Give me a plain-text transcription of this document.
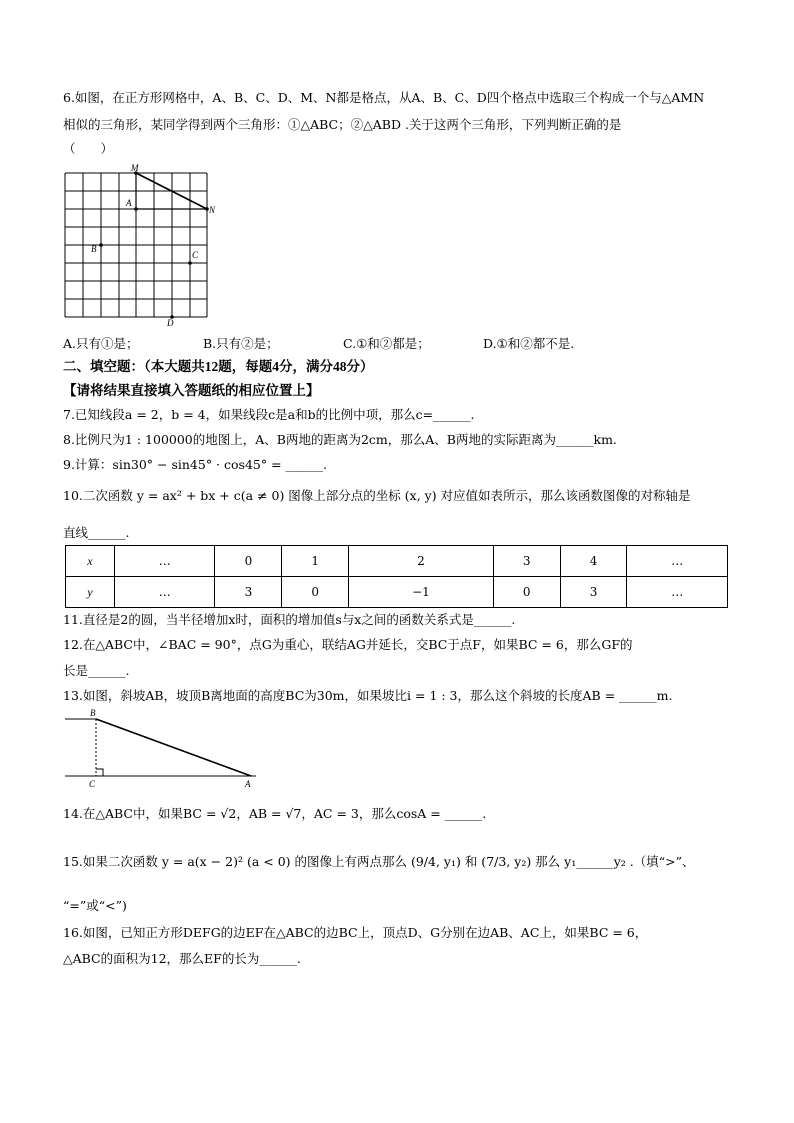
6.如图，在正方形网格中，A、B、C、D、M、N都是格点，从A、B、C、D四个格点中选取三个构成一个与△AMN
相似的三角形，某同学得到两个三角形：①△ABC；②△ABD .关于这两个三角形，下列判断正确的是
（　　）
M
A
N
B
C
D
A.只有①是；	B.只有②是；	C.①和②都是；	D.①和②都不是.
二、填空题：（本大题共12题，每题4分，满分48分）
【请将结果直接填入答题纸的相应位置上】
7.已知线段a = 2，b = 4，如果线段c是a和b的比例中项，那么c=______.
8.比例尺为1 : 100000的地图上，A、B两地的距离为2cm，那么A、B两地的实际距离为______km.
9.计算：sin30° − sin45° · cos45° = ______.
10.二次函数 y = ax² + bx + c(a ≠ 0) 图像上部分点的坐标 (x, y) 对应值如表所示，那么该函数图像的对称轴是
直线______.
x	…	0	1	2	3	4	…
y	…	3	0	−1	0	3	…
11.直径是2的圆，当半径增加x时，面积的增加值s与x之间的函数关系式是______.
12.在△ABC中，∠BAC = 90°，点G为重心，联结AG并延长，交BC于点F，如果BC = 6，那么GF的
长是______.
13.如图，斜坡AB，坡顶B离地面的高度BC为30m，如果坡比i = 1 : 3，那么这个斜坡的长度AB = ______m.
B
C	A
14.在△ABC中，如果BC = √2，AB = √7，AC = 3，那么cosA = ______.
15.如果二次函数 y = a(x − 2)² (a < 0) 的图像上有两点那么 (9/4, y₁) 和 (7/3, y₂) 那么 y₁______y₂ .（填“>”、
“=”或“<”)
16.如图，已知正方形DEFG的边EF在△ABC的边BC上，顶点D、G分别在边AB、AC上，如果BC = 6，
△ABC的面积为12，那么EF的长为______.
